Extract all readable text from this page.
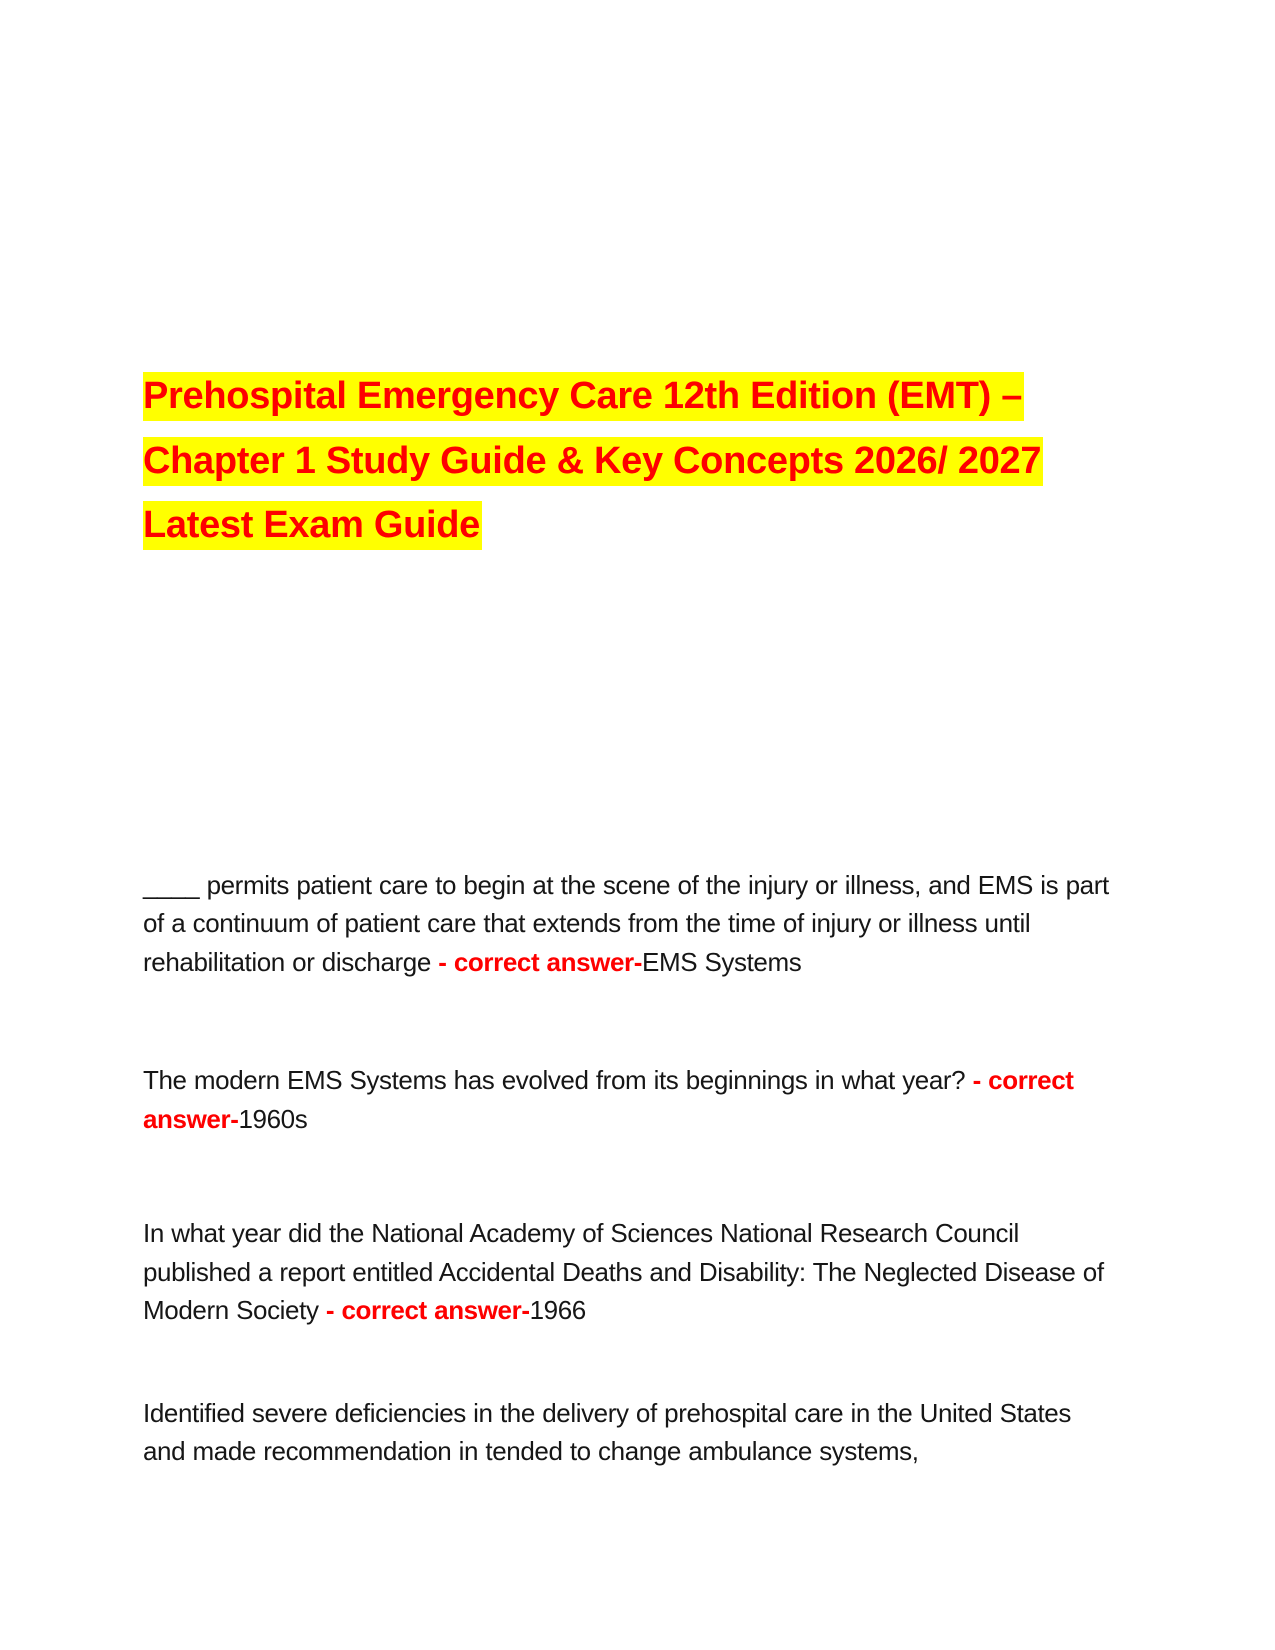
Prehospital Emergency Care 12th Edition (EMT) –
Chapter 1 Study Guide & Key Concepts 2026/ 2027
Latest Exam Guide

____ permits patient care to begin at the scene of the injury or illness, and EMS is part of a continuum of patient care that extends from the time of injury or illness until rehabilitation or discharge - correct answer-EMS Systems

The modern EMS Systems has evolved from its beginnings in what year? - correct answer-1960s

In what year did the National Academy of Sciences National Research Council published a report entitled Accidental Deaths and Disability: The Neglected Disease of Modern Society - correct answer-1966

Identified severe deficiencies in the delivery of prehospital care in the United States and made recommendation in tended to change ambulance systems,
